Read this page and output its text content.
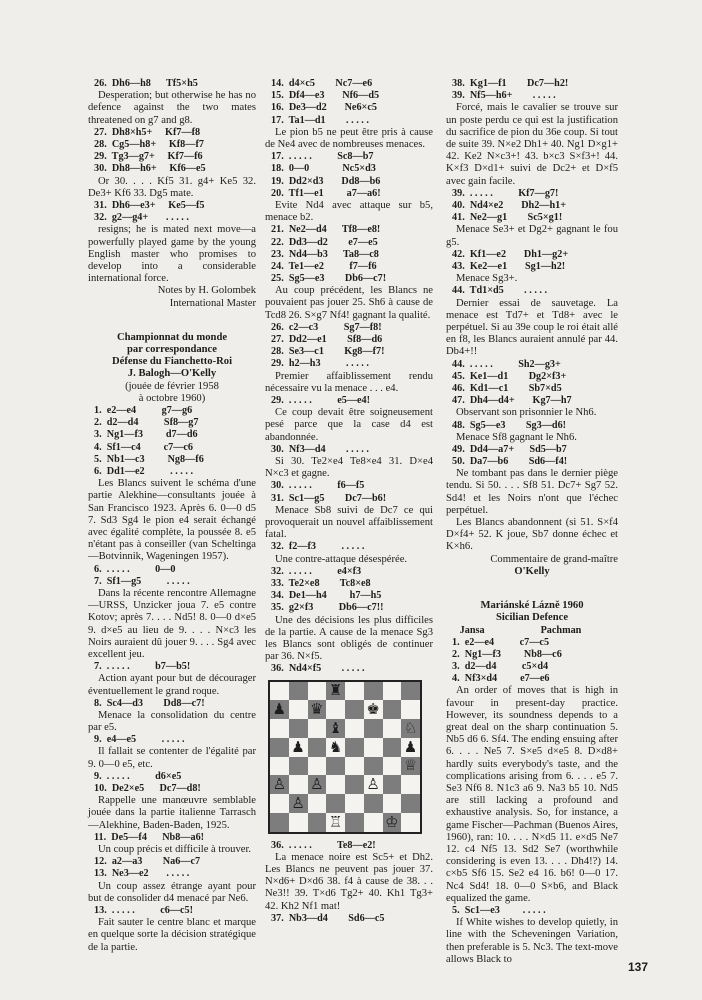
26.  Dh6—h8      Tf5×h5
Desperation; but otherwise he has no defence against the two mates threatened on g7 and g8.
27.  Dh8×h5+     Kf7—f8
28.  Cg5—h8+     Kf8—f7
29.  Tg3—g7+     Kf7—f6
30.  Dh8—h6+     Kf6—e5
Or 30. . . . Kf5 31. g4+ Ke5 32. De3+ Kf6 33. Dg5 mate.
31.  Dh6—e3+     Ke5—f5
32.  g2—g4+       . . . . .
resigns; he is mated next move—a powerfully played game by the young English master who promises to develop into a considerable international force.
Notes by H. Golombek
International Master
Championnat du monde
par correspondance
Défense du Fianchetto-Roi
J. Balogh—O'Kelly
(jouée de février 1958
à octobre 1960)
1.  e2—e4          g7—g6
2.  d2—d4          Sf8—g7
3.  Ng1—f3         d7—d6
4.  Sf1—c4         c7—c6
5.  Nb1—c3         Ng8—f6
6.  Dd1—e2          . . . . .
Les Blancs suivent le schéma d'une partie Alekhine—consultants jouée à San Francisco 1923. Après 6. 0—0 d5 7. Sd3 Sg4 le pion e4 serait échangé avec égalité complète, la poussée 8. e5 n'étant pas à conseiller (van Scheltinga—Botvinnik, Wageningen 1957).
6.  . . . . .          0—0
7.  Sf1—g5          . . . . .
Dans la récente rencontre Allemagne—URSS, Unzicker joua 7. e5 contre Kotov; après 7. . . . Nd5! 8. 0—0 d×e5 9. d×e5 au lieu de 9. . . . N×c3 les Noirs auraient dû jouer 9. . . . Sg4 avec excellent jeu.
7.  . . . . .          b7—b5!
Action ayant pour but de décourager éventuellement le grand roque.
8.  Sc4—d3        Dd8—c7!
Menace la consolidation du centre par e5.
9.  e4—e5          . . . . .
Il fallait se contenter de l'égalité par 9. 0—0 e5, etc.
9.  . . . . .          d6×e5
10.  De2×e5      Dc7—d8!
Rappelle une manœuvre semblable jouée dans la partie italienne Tarrasch—Alekhine, Baden-Baden, 1925.
11.  De5—f4      Nb8—a6!
Un coup précis et difficile à trouver.
12.  a2—a3        Na6—c7
13.  Ne3—e2       . . . . .
Un coup assez étrange ayant pour but de consolider d4 menacé par Ne6.
13.  . . . . .          c6—c5!
Fait sauter le centre blanc et marque en quelque sorte la décision stratégique de la partie.
14.  d4×c5        Nc7—e6
15.  Df4—e3       Nf6—d5
16.  De3—d2       Ne6×c5
17.  Ta1—d1        . . . . .
Le pion b5 ne peut être pris à cause de Ne4 avec de nombreuses menaces.
17.  . . . . .          Sc8—b7
18.  0—0             Nc5×d3
19.  Dd2×d3       Dd8—b6
20.  Tf1—e1         a7—a6!
Evite Nd4 avec attaque sur b5, menace b2.
21.  Ne2—d4      Tf8—e8!
22.  Dd3—d2        e7—e5
23.  Nd4—b3      Ta8—c8
24.  Te1—e2          f7—f6
25.  Sg5—e3        Db6—c7!
Au coup précédent, les Blancs ne pouvaient pas jouer 25. Sh6 à cause de Tcd8 26. S×g7 Nf4! gagnant la qualité.
26.  c2—c3          Sg7—f8!
27.  Dd2—e1        Sf8—d6
28.  Se3—c1        Kg8—f7!
29.  h2—h3          . . . . .
Premier affaiblissement rendu nécessaire vu la menace . . . e4.
29.  . . . . .          e5—e4!
Ce coup devait être soigneusement pesé parce que la case d4 est abandonnée.
30.  Nf3—d4        . . . . .
Si 30. Te2×e4 Te8×e4 31. D×e4 N×c3 et gagne.
30.  . . . . .          f6—f5
31.  Sc1—g5        Dc7—b6!
Menace Sb8 suivi de Dc7 ce qui provoquerait un nouvel affaiblissement fatal.
32.  f2—f3          . . . . .
Une contre-attaque désespérée.
32.  . . . . .          e4×f3
33.  Te2×e8        Tc8×e8
34.  De1—h4         h7—h5
35.  g2×f3          Db6—c7!!
Une des décisions les plus difficiles de la partie. A cause de la menace Sg3 les Blancs sont obligés de continuer par 36. N×f5.
36.  Nd4×f5        . . . . .
♜
♟ ♛	♚
♝	♘
♟ ♞	♟
♕
♙ ♙	♙
♙
♖	♔
36.  . . . . .          Te8—e2!
La menace noire est Sc5+ et Dh2. Les Blancs ne peuvent pas jouer 37. N×d6+ D×d6 38. f4 à cause de 38. . . Ne3!! 39. T×d6 Tg2+ 40. Kh1 Tg3+ 42. Kh2 Nf1 mat!
37.  Nb3—d4        Sd6—c5
38.  Kg1—f1        Dc7—h2!
39.  Nf5—h6+        . . . . .
Forcé, mais le cavalier se trouve sur un poste perdu ce qui est la justification du sacrifice de pion du 36e coup. Si tout de suite 39. N×e2 Dh1+ 40. Ng1 D×g1+ 42. Ke2 N×c3+! 43. b×c3 S×f3+! 44. K×f3 D×d1+ suivi de Dc2+ et D×f5 avec gain facile.
39.  . . . . .          Kf7—g7!
40.  Nd4×e2       Dh2—h1+
41.  Ne2—g1        Sc5×g1!
Menace Se3+ et Dg2+ gagnant le fou g5.
42.  Kf1—e2       Dh1—g2+
43.  Ke2—e1       Sg1—h2!
Menace Sg3+.
44.  Td1×d5        . . . . .
Dernier essai de sauvetage. La menace est Td7+ et Td8+ avec le perpétuel. Si au 39e coup le roi était allé en f8, les Blancs auraient annulé par 44. Db4+!!
44.  . . . . .          Sh2—g3+
45.  Ke1—d1        Dg2×f3+
46.  Kd1—c1        Sb7×d5
47.  Dh4—d4+       Kg7—h7
Observant son prisonnier le Nh6.
48.  Sg5—e3        Sg3—d6!
Menace Sf8 gagnant le Nh6.
49.  Dd4—a7+      Sd5—b7
50.  Da7—b6        Sd6—f4!
Ne tombant pas dans le dernier piège tendu. Si 50. . . . Sf8 51. Dc7+ Sg7 52. Sd4! et les Noirs n'ont que l'échec perpétuel.
Les Blancs abandonnent (si 51. S×f4 D×f4+ 52. K joue, Sb7 donne échec et K×h6.
Commentaire de grand-maître
O'Kelly
Mariánské Lázně 1960
Sicilian Defence
Jansa                      Pachman
1.  e2—e4          c7—c5
2.  Ng1—f3         Nb8—c6
3.  d2—d4          c5×d4
4.  Nf3×d4         e7—e6
An order of moves that is high in favour in present-day practice. However, its soundness depends to a great deal on the sharp continuation 5. Nb5 d6 6. Sf4. The ending ensuing after 6. . . . Ne5 7. S×e5 d×e5 8. D×d8+ hardly suits everybody's taste, and the complications arising from 6. . . . e5 7. Se3 Nf6 8. N1c3 a6 9. Na3 b5 10. Nd5 are still lacking a profound and exhaustive analysis. So, for instance, a game Fischer—Pachman (Buenos Aires, 1960), ran: 10. . . . N×d5 11. e×d5 Ne7 12. c4 Nf5 13. Sd2 Se7 (worthwhile considering is even 13. . . . Dh4!?) 14. c×b5 Sf6 15. Se2 e4 16. b6! 0—0 17. Nc4 Sd4! 18. 0—0 S×b6, and Black equalized the game.
5.  Sc1—e3         . . . . .
If White wishes to develop quietly, in line with the Scheveningen Variation, then preferable is 5. Nc3. The text-move allows Black to
137
